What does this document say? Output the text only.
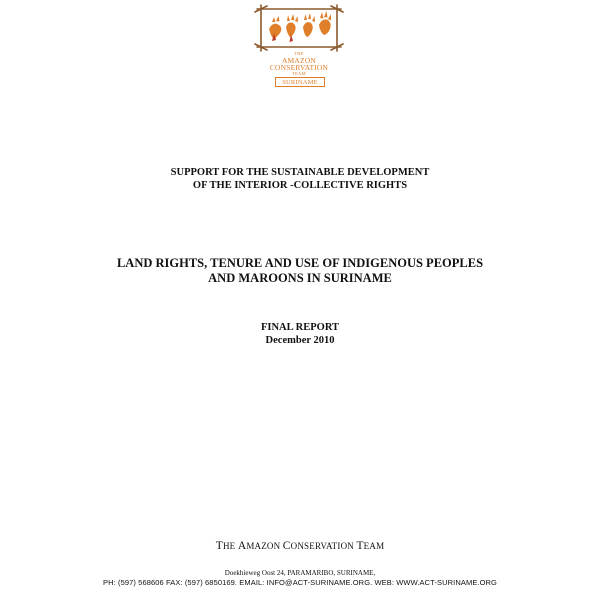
THE
AMAZON
CONSERVATION
TEAM
SURINAME
SUPPORT FOR THE SUSTAINABLE DEVELOPMENT
OF THE INTERIOR -COLLECTIVE RIGHTS
LAND RIGHTS, TENURE AND USE OF INDIGENOUS PEOPLES
AND MAROONS IN SURINAME
FINAL REPORT
December 2010
THE AMAZON CONSERVATION TEAM
Doekhieweg Oost 24, PARAMARIBO, SURINAME,
PH: (597) 568606 FAX: (597) 6850169. EMAIL: INFO@ACT-SURINAME.ORG. WEB: WWW.ACT-SURINAME.ORG
